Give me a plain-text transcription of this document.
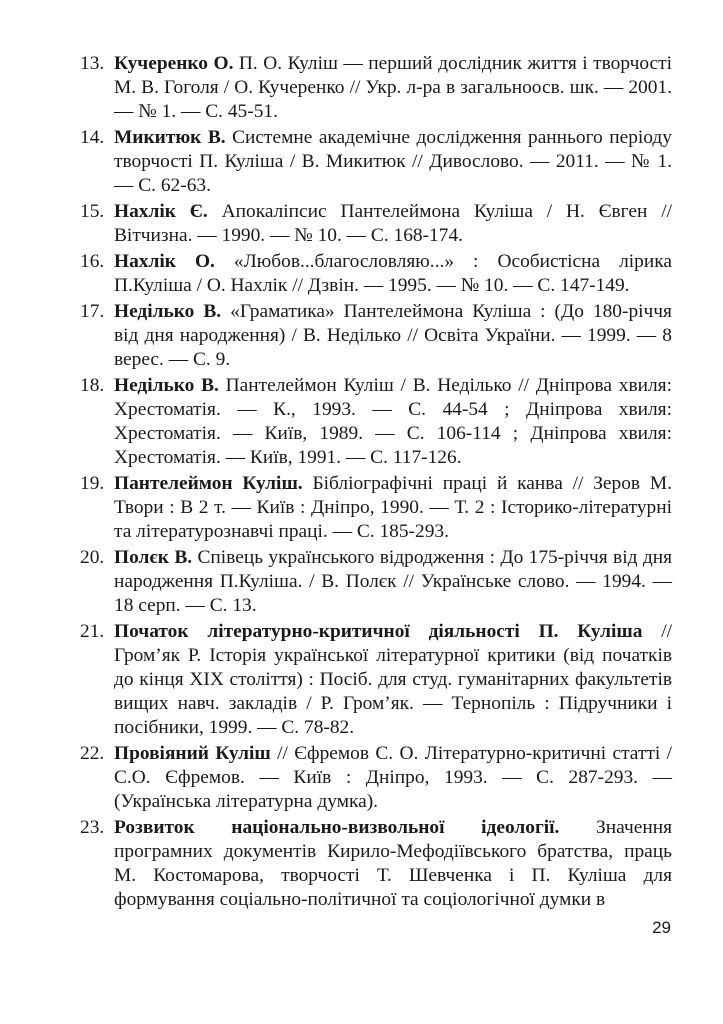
13. Кучеренко О. П. О. Куліш — перший дослідник життя і творчості М. В. Гоголя / О. Кучеренко // Укр. л-ра в загальноосв. шк. — 2001. — № 1. — С. 45-51.
14. Микитюк В. Системне академічне дослідження раннього періоду творчості П. Куліша / В. Микитюк // Дивослово. — 2011. — № 1. — С. 62-63.
15. Нахлік Є. Апокаліпсис Пантелеймона Куліша / Н. Євген // Вітчизна. — 1990. — № 10. — С. 168-174.
16. Нахлік О. «Любов...благословляю...» : Особистісна лірика П.Куліша / О. Нахлік // Дзвін. — 1995. — № 10. — С. 147-149.
17. Неділько В. «Граматика» Пантелеймона Куліша : (До 180-річчя від дня народження) / В. Неділько // Освіта України. — 1999. — 8 верес. — С. 9.
18. Неділько В. Пантелеймон Куліш / В. Неділько // Дніпрова хвиля: Хрестоматія. — К., 1993. — С. 44-54 ; Дніпрова хвиля: Хрестоматія. — Київ, 1989. — С. 106-114 ; Дніпрова хвиля: Хрестоматія. — Київ, 1991. — С. 117-126.
19. Пантелеймон Куліш. Бібліографічні праці й канва // Зеров М. Твори : В 2 т. — Київ : Дніпро, 1990. — Т. 2 : Історико-літературні та літературознавчі праці. — С. 185-293.
20. Полєк В. Співець українського відродження : До 175-річчя від дня народження П.Куліша. / В. Полєк // Українське слово. — 1994. — 18 серп. — С. 13.
21. Початок літературно-критичної діяльності П. Куліша // Гром’як Р. Історія української літературної критики (від початків до кінця XIX століття) : Посіб. для студ. гуманітарних факультетів вищих навч. закладів / Р. Гром’як. — Тернопіль : Підручники і посібники, 1999. — С. 78-82.
22. Провіяний Куліш // Єфремов С. О. Літературно-критичні статті / С.О. Єфремов. — Київ : Дніпро, 1993. — С. 287-293. — (Українська літературна думка).
23. Розвиток національно-визвольної ідеології. Значення програмних документів Кирило-Мефодіївського братства, праць М. Костомарова, творчості Т. Шевченка і П. Куліша для формування соціально-політичної та соціологічної думки в
29
